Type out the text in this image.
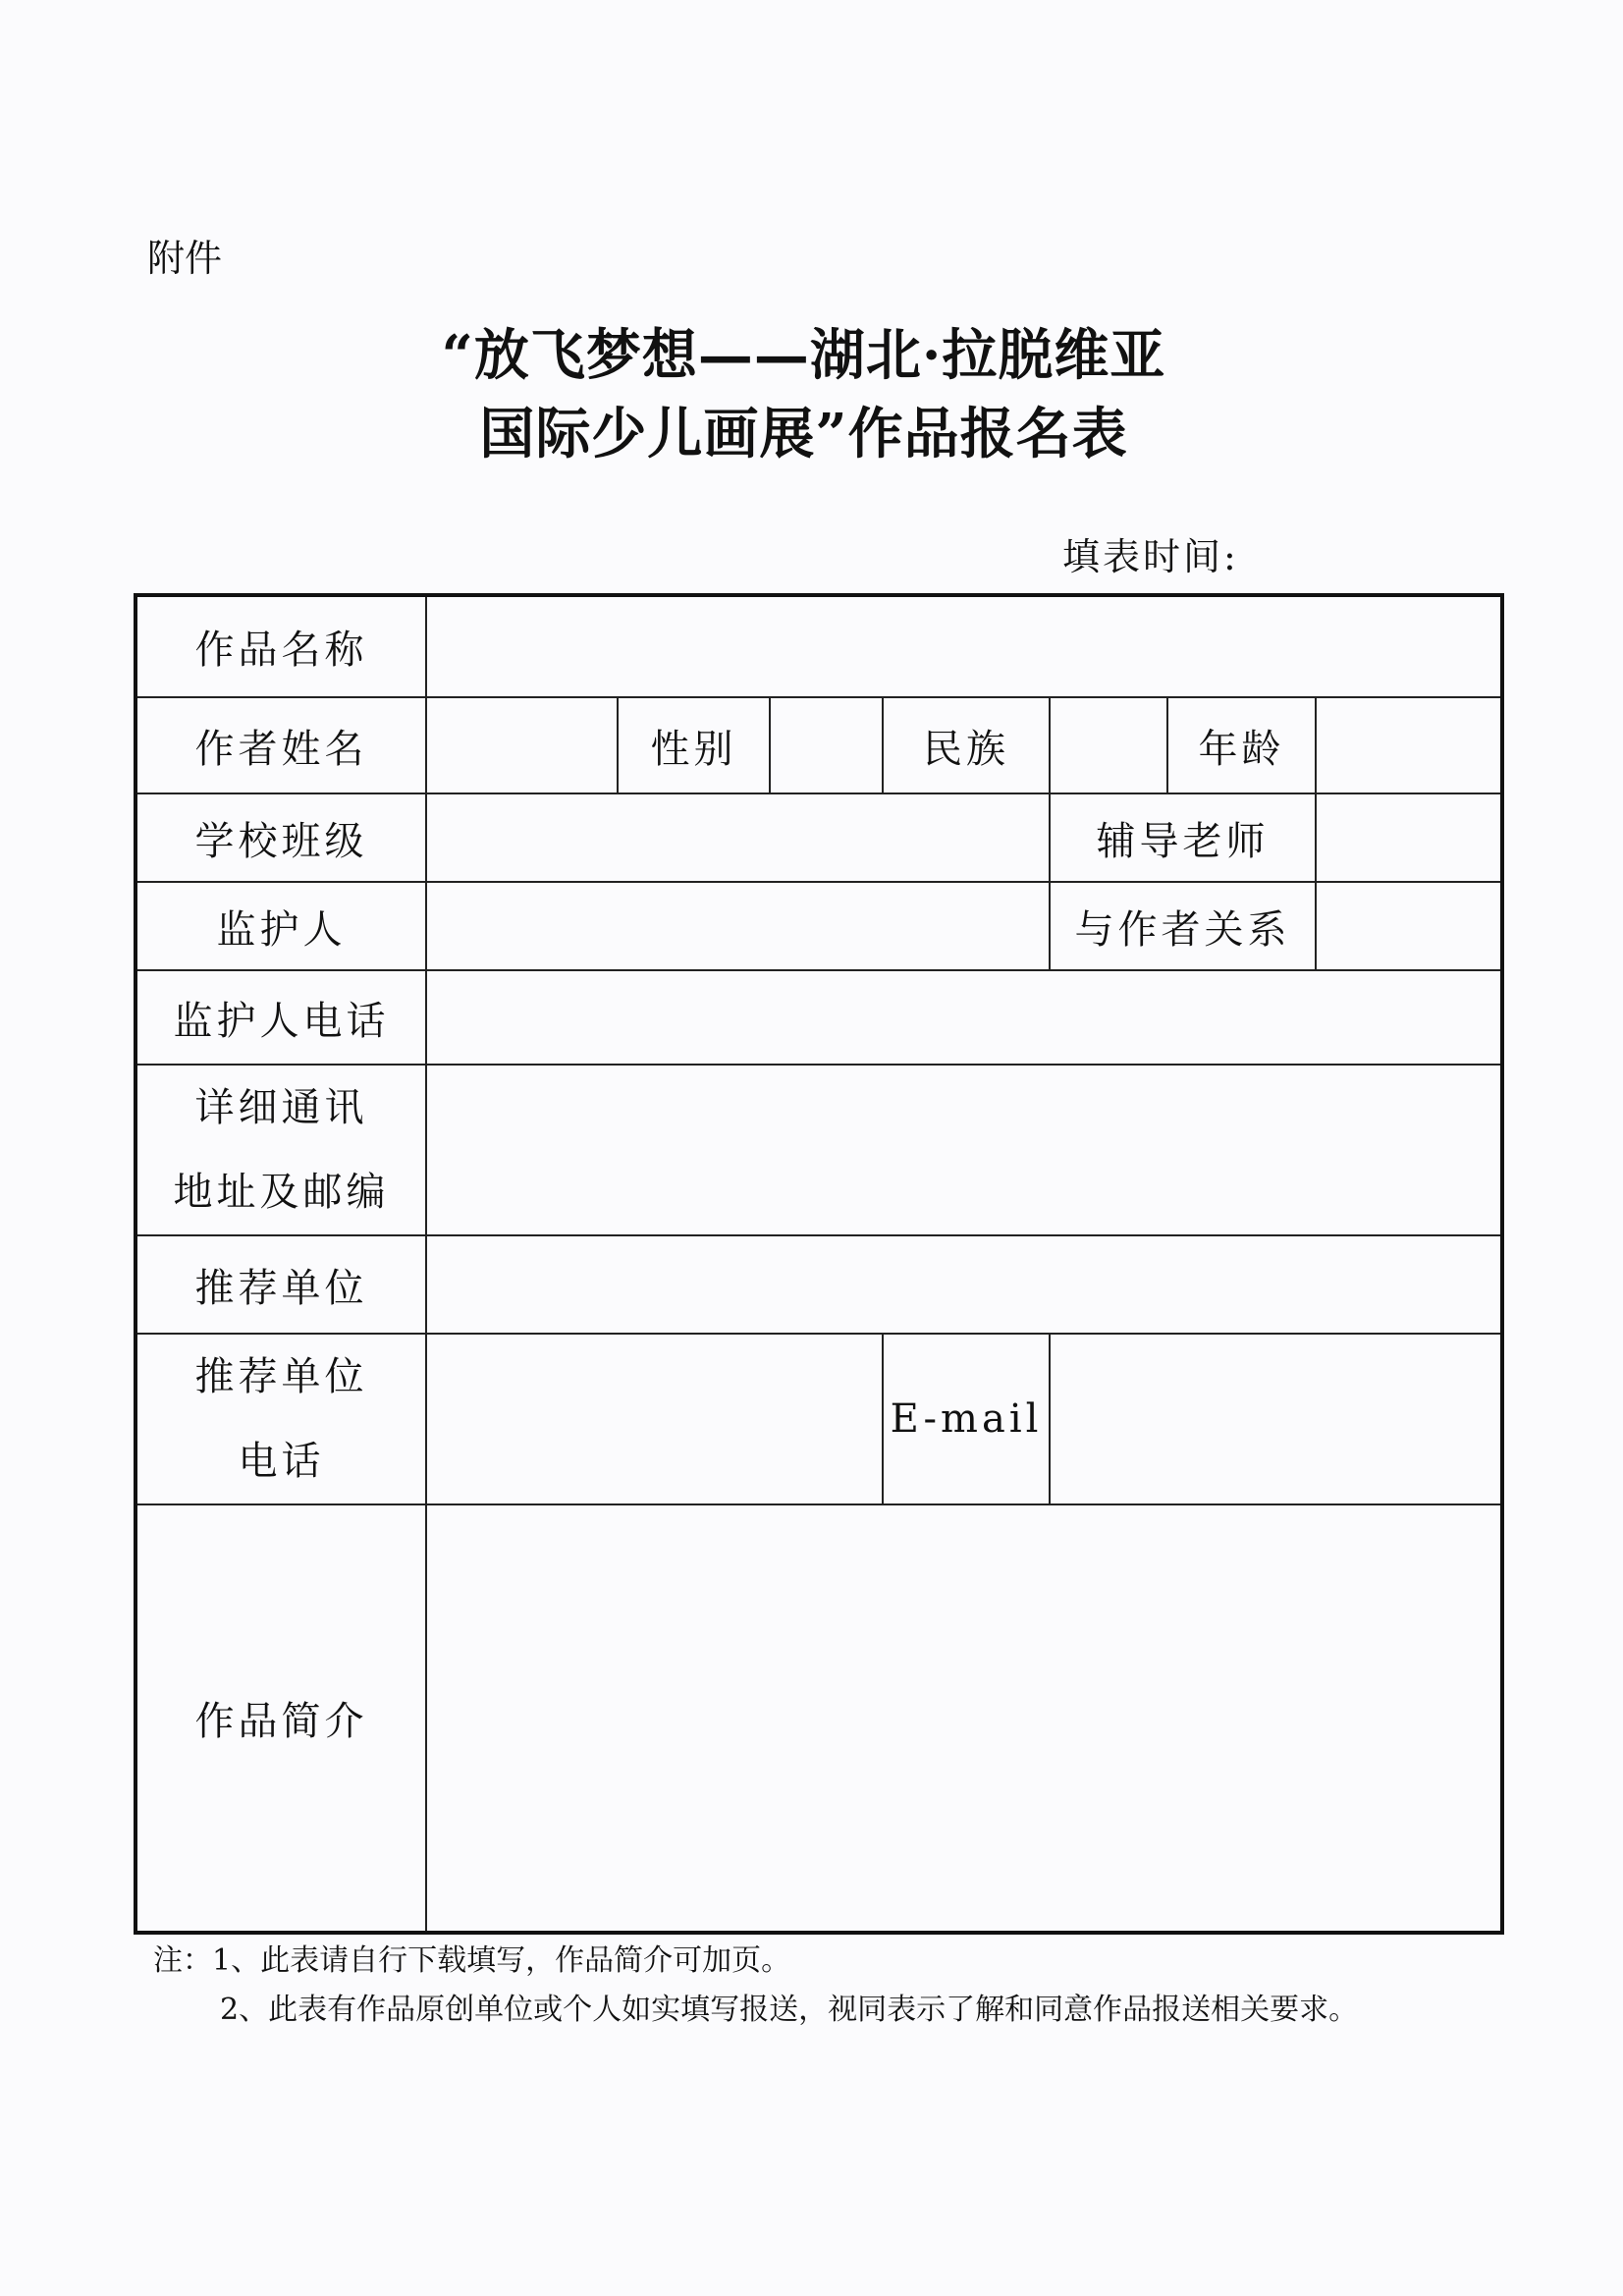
附件
“放飞梦想——湖北·拉脱维亚
国际少儿画展”作品报名表
填表时间:
作品名称							
作者姓名		性别		民族		年龄	
学校班级					辅导老师		
监护人					与作者关系		
监护人电话							

详细通讯
地址及邮编							

推荐单位							

推荐单位
电话				E-mail			
作品简介							
注：1、此表请自行下载填写，作品简介可加页。
2、此表有作品原创单位或个人如实填写报送，视同表示了解和同意作品报送相关要求。
